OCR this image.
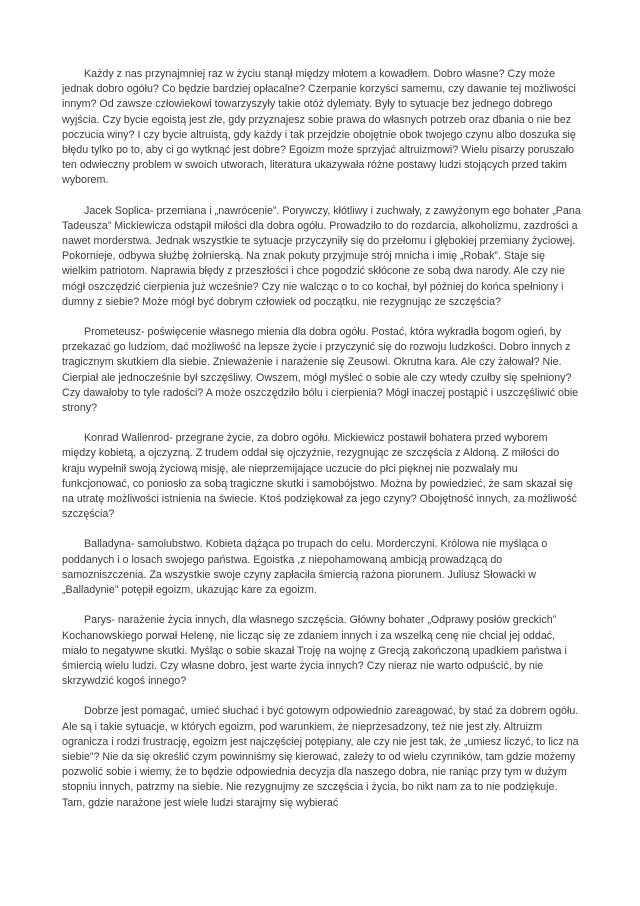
Każdy z nas przynajmniej raz w życiu stanął między młotem a kowadłem. Dobro własne? Czy może jednak dobro ogółu? Co będzie bardziej opłacalne? Czerpanie korzyści samemu, czy dawanie tej możliwości innym? Od zawsze człowiekowi towarzyszyły takie otóż dylematy. Były to sytuacje bez jednego dobrego wyjścia. Czy bycie egoistą jest złe, gdy przyznajesz sobie prawa do własnych potrzeb oraz dbania o nie bez poczucia winy? I czy bycie altruistą, gdy każdy i tak przejdzie obojętnie obok twojego czynu albo doszuka się błędu tylko po to, aby ci go wytknąć jest dobre? Egoizm może sprzyjać altruizmowi? Wielu pisarzy poruszało ten odwieczny problem w swoich utworach, literatura ukazywała różne postawy ludzi stojących przed takim wyborem.

Jacek Soplica- przemiana i „nawrócenie”. Porywczy, kłótliwy i zuchwały, z zawyżonym ego bohater „Pana Tadeusza” Mickiewicza odstąpił miłości dla dobra ogółu. Prowadziło to do rozdarcia, alkoholizmu, zazdrości a nawet morderstwa. Jednak wszystkie te sytuacje przyczyniły się do przełomu i głębokiej przemiany życiowej. Pokornieje, odbywa służbę żołnierską. Na znak pokuty przyjmuje strój mnicha i imię „Robak”. Staje się wielkim patriotom. Naprawia błędy z przeszłości i chce pogodzić skłócone ze sobą dwa narody. Ale czy nie mógł oszczędzić cierpienia już wcześnie? Czy nie walcząc o to co kochał, był później do końca spełniony i dumny z siebie? Może mógł być dobrym człowiek od początku, nie rezygnując ze szczęścia?

Prometeusz- poświęcenie własnego mienia dla dobra ogółu. Postać, która wykradła bogom ogień, by przekazać go ludziom, dać możliwość na lepsze życie i przyczynić się do rozwoju ludzkości. Dobro innych z tragicznym skutkiem dla siebie. Znieważenie i narażenie się Zeusowi. Okrutna kara. Ale czy żałował? Nie. Cierpiał ale jednocześnie był szczęśliwy. Owszem, mógł myśleć o sobie ale czy wtedy czułby się spełniony? Czy dawałoby to tyle radości? A może oszczędziło bólu i cierpienia? Mógł inaczej postąpić i uszczęśliwić obie strony?

Konrad Wallenrod- przegrane życie, za dobro ogółu. Mickiewicz postawił bohatera przed wyborem między kobietą, a ojczyzną. Z trudem oddał się ojczyźnie, rezygnując ze szczęścia z Aldoną. Z miłości do kraju wypełnił swoją życiową misję, ale nieprzemijające uczucie do płci pięknej nie pozwalały mu funkcjonować, co poniosło za sobą tragiczne skutki i samobójstwo. Można by powiedzieć, że sam skazał się na utratę możliwości istnienia na świecie. Ktoś podziękował za jego czyny? Obojętność innych, za możliwość szczęścia?

Balladyna- samolubstwo. Kobieta dążąca po trupach do celu. Morderczyni. Królowa nie myśląca o poddanych i o losach swojego państwa. Egoistka ,z niepohamowaną ambicją prowadzącą do samozniszczenia. Za wszystkie swoje czyny zapłaciła śmiercią rażona piorunem. Juliusz Słowacki w „Balladynie” potępił egoizm, ukazując kare za egoizm.

Parys- narażenie życia innych, dla własnego szczęścia. Główny bohater „Odprawy posłów greckich” Kochanowskiego porwał Helenę, nie licząc się ze zdaniem innych i za wszelką cenę nie chciał jej oddać, miało to negatywne skutki. Myśląc o sobie skazał Troję na wojnę z Grecją zakończoną upadkiem państwa i śmiercią wielu ludzi. Czy własne dobro, jest warte życia innych? Czy nieraz nie warto odpuścić, by nie skrzywdzić kogoś innego?

Dobrze jest pomagać, umieć słuchać i być gotowym odpowiednio zareagować, by stać za dobrem ogółu. Ale są i takie sytuacje, w których egoizm, pod warunkiem, że nieprzesadzony, też nie jest zły. Altruizm ogranicza i rodzi frustrację, egoizm jest najczęściej potępiany, ale czy nie jest tak, że „umiesz liczyć, to licz na siebie”? Nie da się określić czym powinniśmy się kierować, zależy to od wielu czynników, tam gdzie możemy pozwolić sobie i wiemy, że to będzie odpowiednia decyzja dla naszego dobra, nie raniąc przy tym w dużym stopniu innych, patrzmy na siebie. Nie rezygnujmy ze szczęścia i życia, bo nikt nam za to nie podziękuje. Tam, gdzie narażone jest wiele ludzi starajmy się wybierać
